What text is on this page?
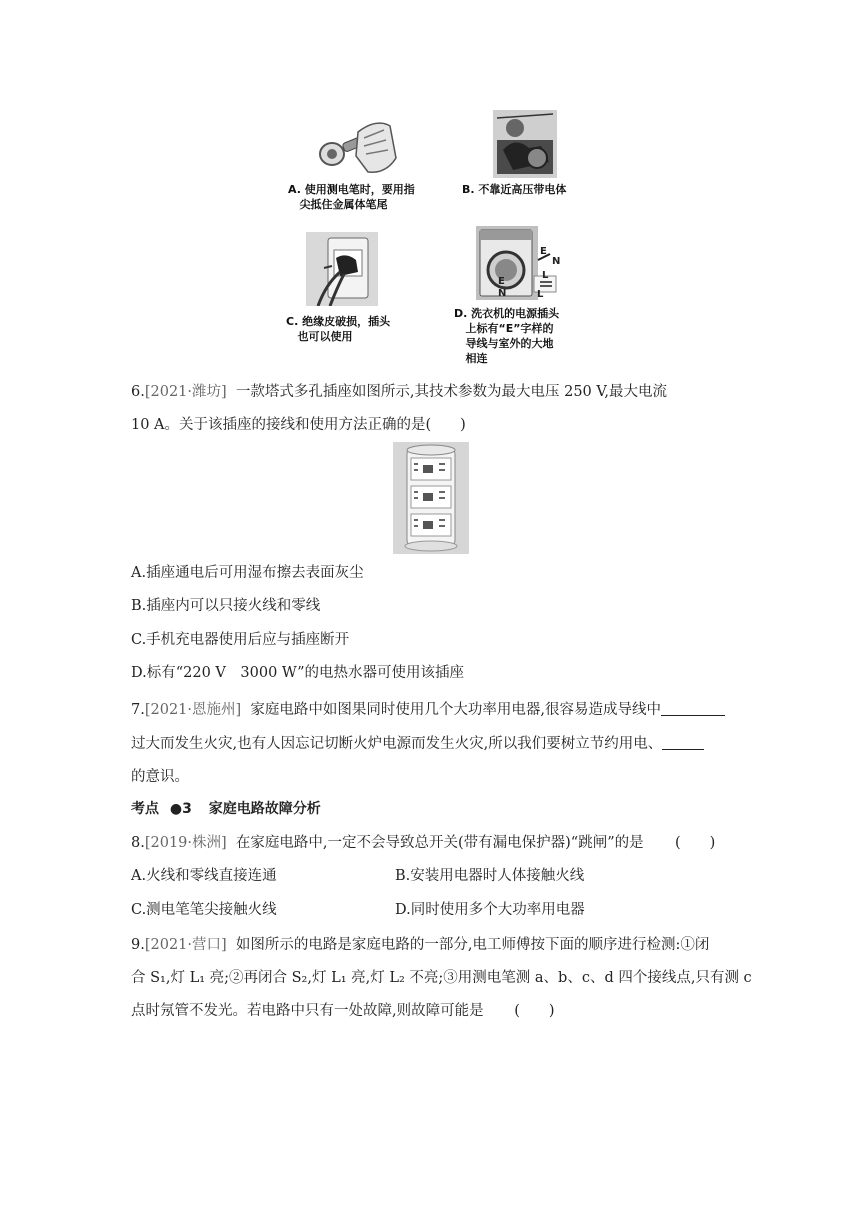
A. 使用测电笔时，要用指
尖抵住金属体笔尾
B. 不靠近高压带电体
C. 绝缘皮破损，插头
也可以使用
E
N
L
E
N	L
D. 洗衣机的电源插头
上标有“E”字样的
导线与室外的大地
相连
6.[2021·潍坊] 一款塔式多孔插座如图所示,其技术参数为最大电压 250 V,最大电流
10 A。关于该插座的接线和使用方法正确的是(　　)
A.插座通电后可用湿布擦去表面灰尘
B.插座内可以只接火线和零线
C.手机充电器使用后应与插座断开
D.标有“220 V　3000 W”的电热水器可使用该插座
7.[2021·恩施州] 家庭电路中如图果同时使用几个大功率用电器,很容易造成导线中
过大而发生火灾,也有人因忘记切断火炉电源而发生火灾,所以我们要树立节约用电、
的意识。
考点 ●3 家庭电路故障分析
8.[2019·株洲] 在家庭电路中,一定不会导致总开关(带有漏电保护器)“跳闸”的是 (　　)
A.火线和零线直接连通	B.安装用电器时人体接触火线
C.测电笔笔尖接触火线	D.同时使用多个大功率用电器
9.[2021·营口] 如图所示的电路是家庭电路的一部分,电工师傅按下面的顺序进行检测:①闭
合 S₁,灯 L₁ 亮;②再闭合 S₂,灯 L₁ 亮,灯 L₂ 不亮;③用测电笔测 a、b、c、d 四个接线点,只有测 c
点时氖管不发光。若电路中只有一处故障,则故障可能是 (　　)
